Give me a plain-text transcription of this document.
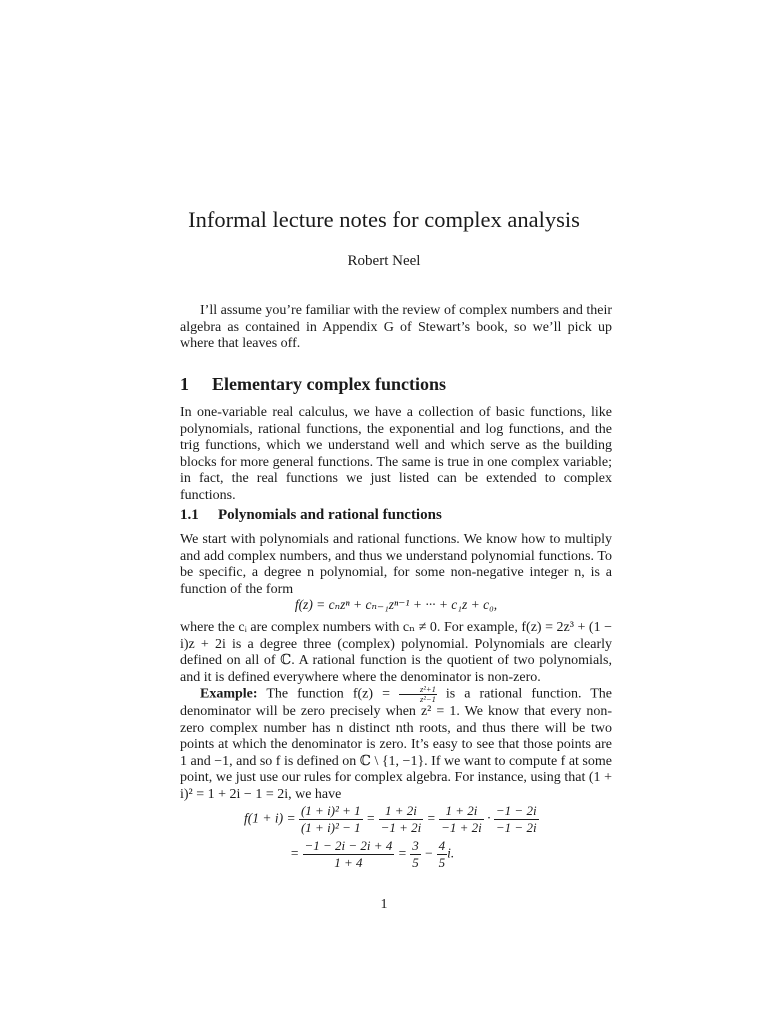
Informal lecture notes for complex analysis
Robert Neel
I’ll assume you’re familiar with the review of complex numbers and their algebra as contained in Appendix G of Stewart’s book, so we’ll pick up where that leaves off.
1 Elementary complex functions
In one-variable real calculus, we have a collection of basic functions, like polynomials, rational functions, the exponential and log functions, and the trig functions, which we understand well and which serve as the building blocks for more general functions. The same is true in one complex variable; in fact, the real functions we just listed can be extended to complex functions.
1.1 Polynomials and rational functions
We start with polynomials and rational functions. We know how to multiply and add complex numbers, and thus we understand polynomial functions. To be specific, a degree n polynomial, for some non-negative integer n, is a function of the form
f(z) = cₙzⁿ + cₙ₋₁zⁿ⁻¹ + ··· + c₁z + c₀,
where the cᵢ are complex numbers with cₙ ≠ 0. For example, f(z) = 2z³ + (1 − i)z + 2i is a degree three (complex) polynomial. Polynomials are clearly defined on all of ℂ. A rational function is the quotient of two polynomials, and it is defined everywhere where the denominator is non-zero.
Example: The function $f(z) = \frac{\text{z²+1}}{\text{z²−1}}$ is a rational function. The denominator will be zero precisely when z² = 1. We know that every non-zero complex number has n distinct nth roots, and thus there will be two points at which the denominator is zero. It’s easy to see that those points are 1 and −1, and so f is defined on ℂ \ {1, −1}. If we want to compute f at some point, we just use our rules for complex algebra. For instance, using that (1 + i)² = 1 + 2i − 1 = 2i, we have
$f(1 + i) = \frac{\text{(1 + i)² + 1}}{\text{(1 + i)² − 1}} = \frac{1 + 2i}{-1 + 2i} = \frac{1 + 2i}{-1 + 2i} \cdot \frac{-1 - 2i}{-1 - 2i}$
= $\frac{-1 - 2i - 2i + 4}{1 + 4} = \frac{3}{5} - \frac{4}{5} i$.
1
